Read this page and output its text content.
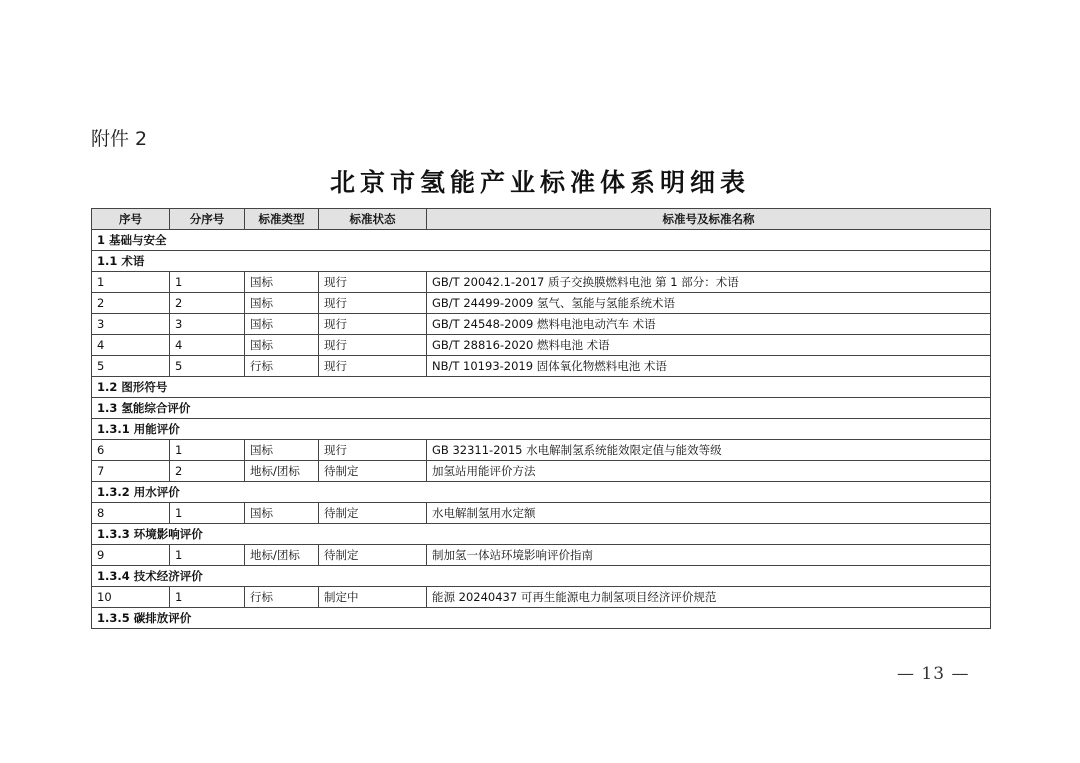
附件 2
北京市氢能产业标准体系明细表
序号	分序号	标准类型	标准状态	标准号及标准名称
1 基础与安全				
1.1 术语				
1	1	国标	现行	GB/T 20042.1-2017 质子交换膜燃料电池 第 1 部分：术语
2	2	国标	现行	GB/T 24499-2009 氢气、氢能与氢能系统术语
3	3	国标	现行	GB/T 24548-2009 燃料电池电动汽车 术语
4	4	国标	现行	GB/T 28816-2020 燃料电池 术语
5	5	行标	现行	NB/T 10193-2019 固体氧化物燃料电池 术语
1.2 图形符号				
1.3 氢能综合评价				
1.3.1 用能评价				
6	1	国标	现行	GB 32311-2015 水电解制氢系统能效限定值与能效等级
7	2	地标/团标	待制定	加氢站用能评价方法
1.3.2 用水评价				
8	1	国标	待制定	水电解制氢用水定额
1.3.3 环境影响评价				
9	1	地标/团标	待制定	制加氢一体站环境影响评价指南
1.3.4 技术经济评价				
10	1	行标	制定中	能源 20240437 可再生能源电力制氢项目经济评价规范
1.3.5 碳排放评价				
— 13 —
